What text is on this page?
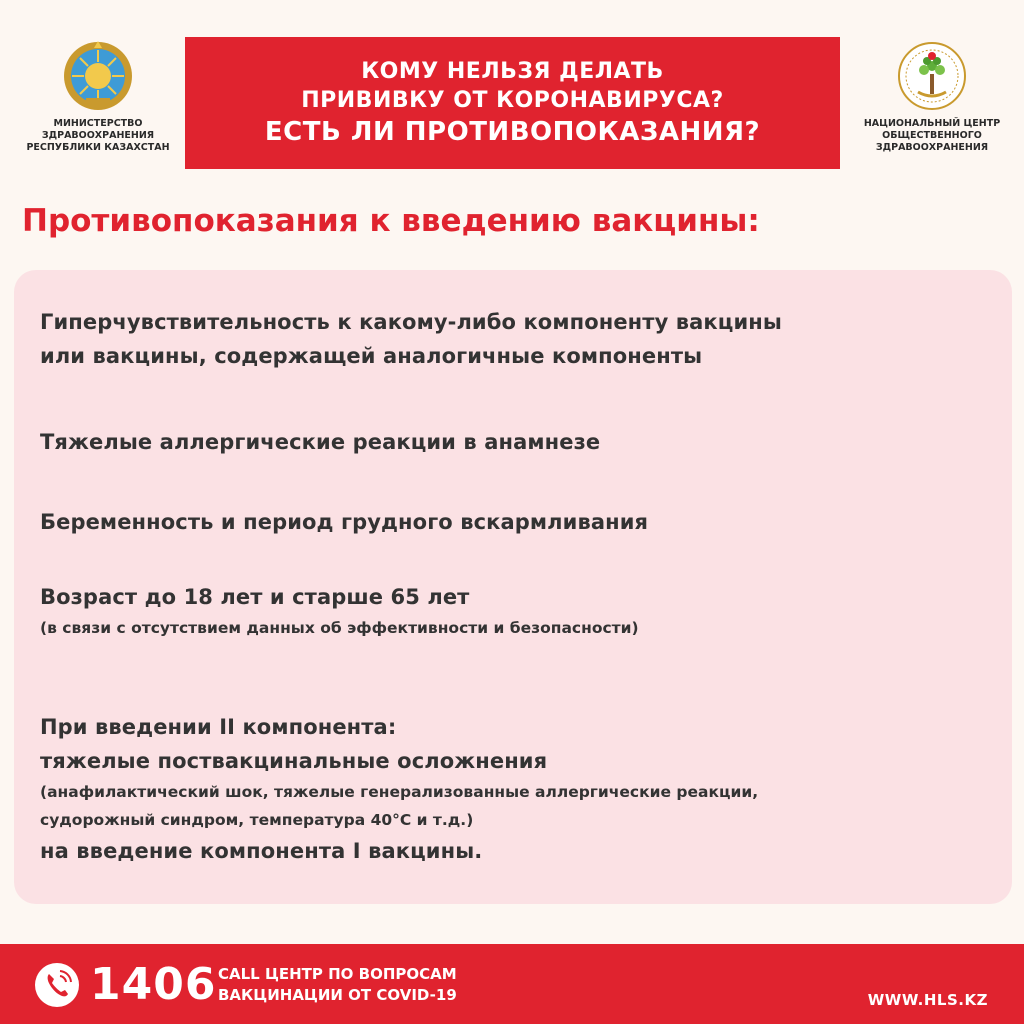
МИНИСТЕРСТВО
ЗДРАВООХРАНЕНИЯ
РЕСПУБЛИКИ КАЗАХСТАН
КОМУ НЕЛЬЗЯ ДЕЛАТЬ
ПРИВИВКУ ОТ КОРОНАВИРУСА?
ЕСТЬ ЛИ ПРОТИВОПОКАЗАНИЯ?	НАЦИОНАЛЬНЫЙ ЦЕНТР
ОБЩЕСТВЕННОГО
ЗДРАВООХРАНЕНИЯ
Противопоказания к введению вакцины:
Гиперчувствительность к какому-либо компоненту вакцины
или вакцины, содержащей аналогичные компоненты
Тяжелые аллергические реакции в анамнезе
Беременность и период грудного вскармливания
Возраст до 18 лет и старше 65 лет
(в связи с отсутствием данных об эффективности и безопасности)
При введении II компонента:
тяжелые поствакцинальные осложнения
(анафилактический шок, тяжелые генерализованные аллергические реакции,
судорожный синдром, температура 40°C и т.д.)
на введение компонента I вакцины.
1406 CALL ЦЕНТР ПО ВОПРОСАМ
ВАКЦИНАЦИИ ОТ COVID-19	WWW.HLS.KZ
